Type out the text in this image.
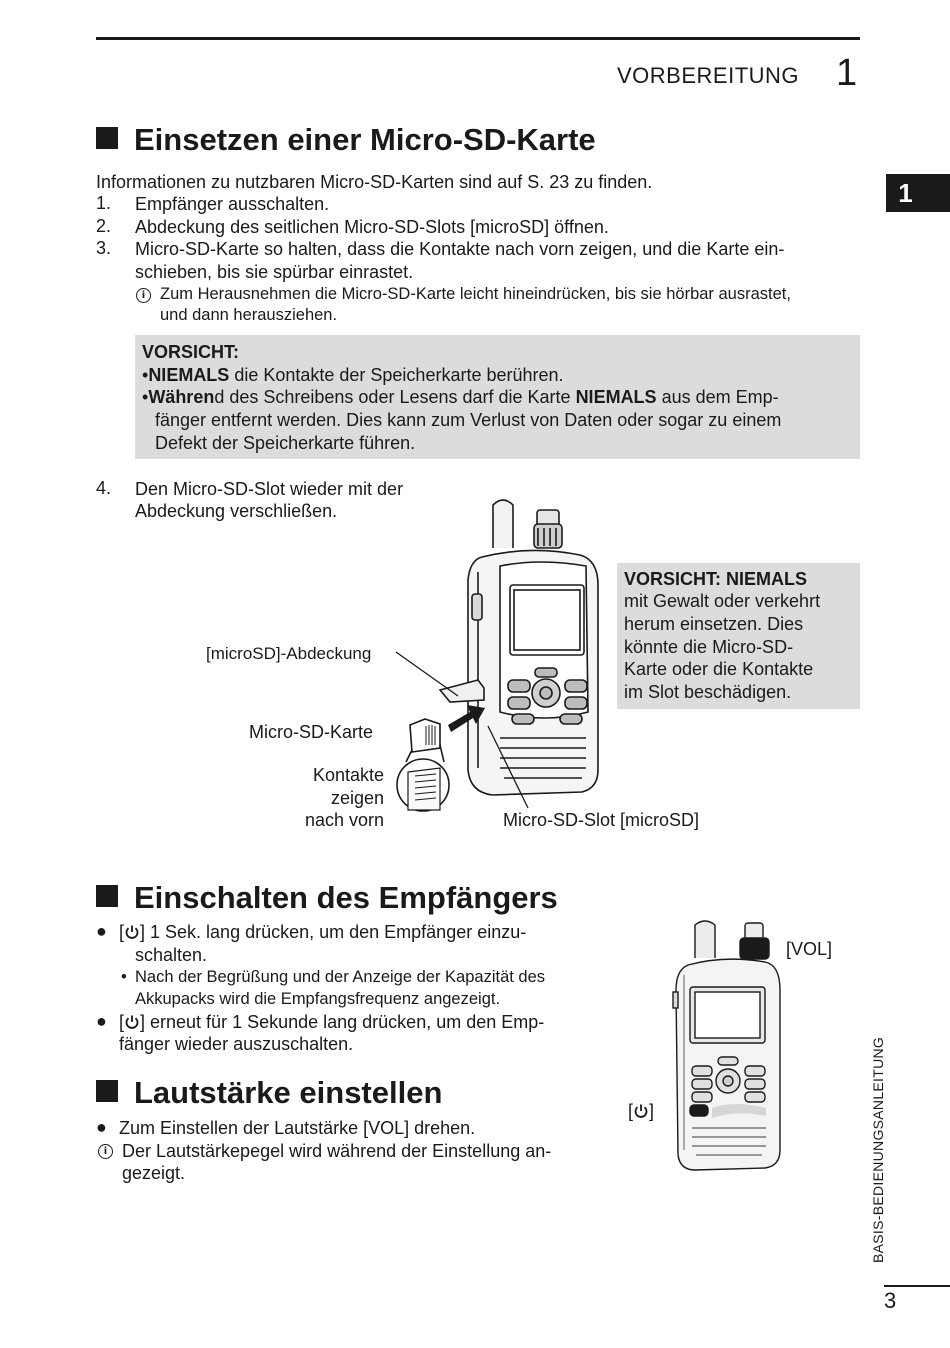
VORBEREITUNG 1
1
BASIS-BEDIENUNGSANLEITUNG
3
Einsetzen einer Micro-SD-Karte
Informationen zu nutzbaren Micro-SD-Karten sind auf S. 23 zu finden.
1. Empfänger ausschalten.
2. Abdeckung des seitlichen Micro-SD-Slots [microSD] öffnen.
3. Micro-SD-Karte so halten, dass die Kontakte nach vorn zeigen, und die Karte ein-
schieben, bis sie spürbar einrastet.
i Zum Herausnehmen die Micro-SD-Karte leicht hineindrücken, bis sie hörbar ausrastet,
und dann herausziehen.
VORSICHT:
•NIEMALS die Kontakte der Speicherkarte berühren.
•Während des Schreibens oder Lesens darf die Karte NIEMALS aus dem Emp-
fänger entfernt werden. Dies kann zum Verlust von Daten oder sogar zu einem
Defekt der Speicherkarte führen.
4. Den Micro-SD-Slot wieder mit der
Abdeckung verschließen.
VORSICHT: NIEMALS
mit Gewalt oder verkehrt
herum einsetzen. Dies
könnte die Micro-SD-
Karte oder die Kontakte
im Slot beschädigen.
[microSD]-Abdeckung
Micro-SD-Karte
Kontakte
zeigen
nach vorn	Micro-SD-Slot [microSD]
Einschalten des Empfängers
● [ ] 1 Sek. lang drücken, um den Empfänger einzu-
schalten.
• Nach der Begrüßung und der Anzeige der Kapazität des
Akkupacks wird die Empfangsfrequenz angezeigt.
● [ ] erneut für 1 Sekunde lang drücken, um den Emp-
fänger wieder auszuschalten.
Lautstärke einstellen
● Zum Einstellen der Lautstärke [VOL] drehen.
i Der Lautstärkepegel wird während der Einstellung an-
gezeigt.
[VOL]
[ ]
